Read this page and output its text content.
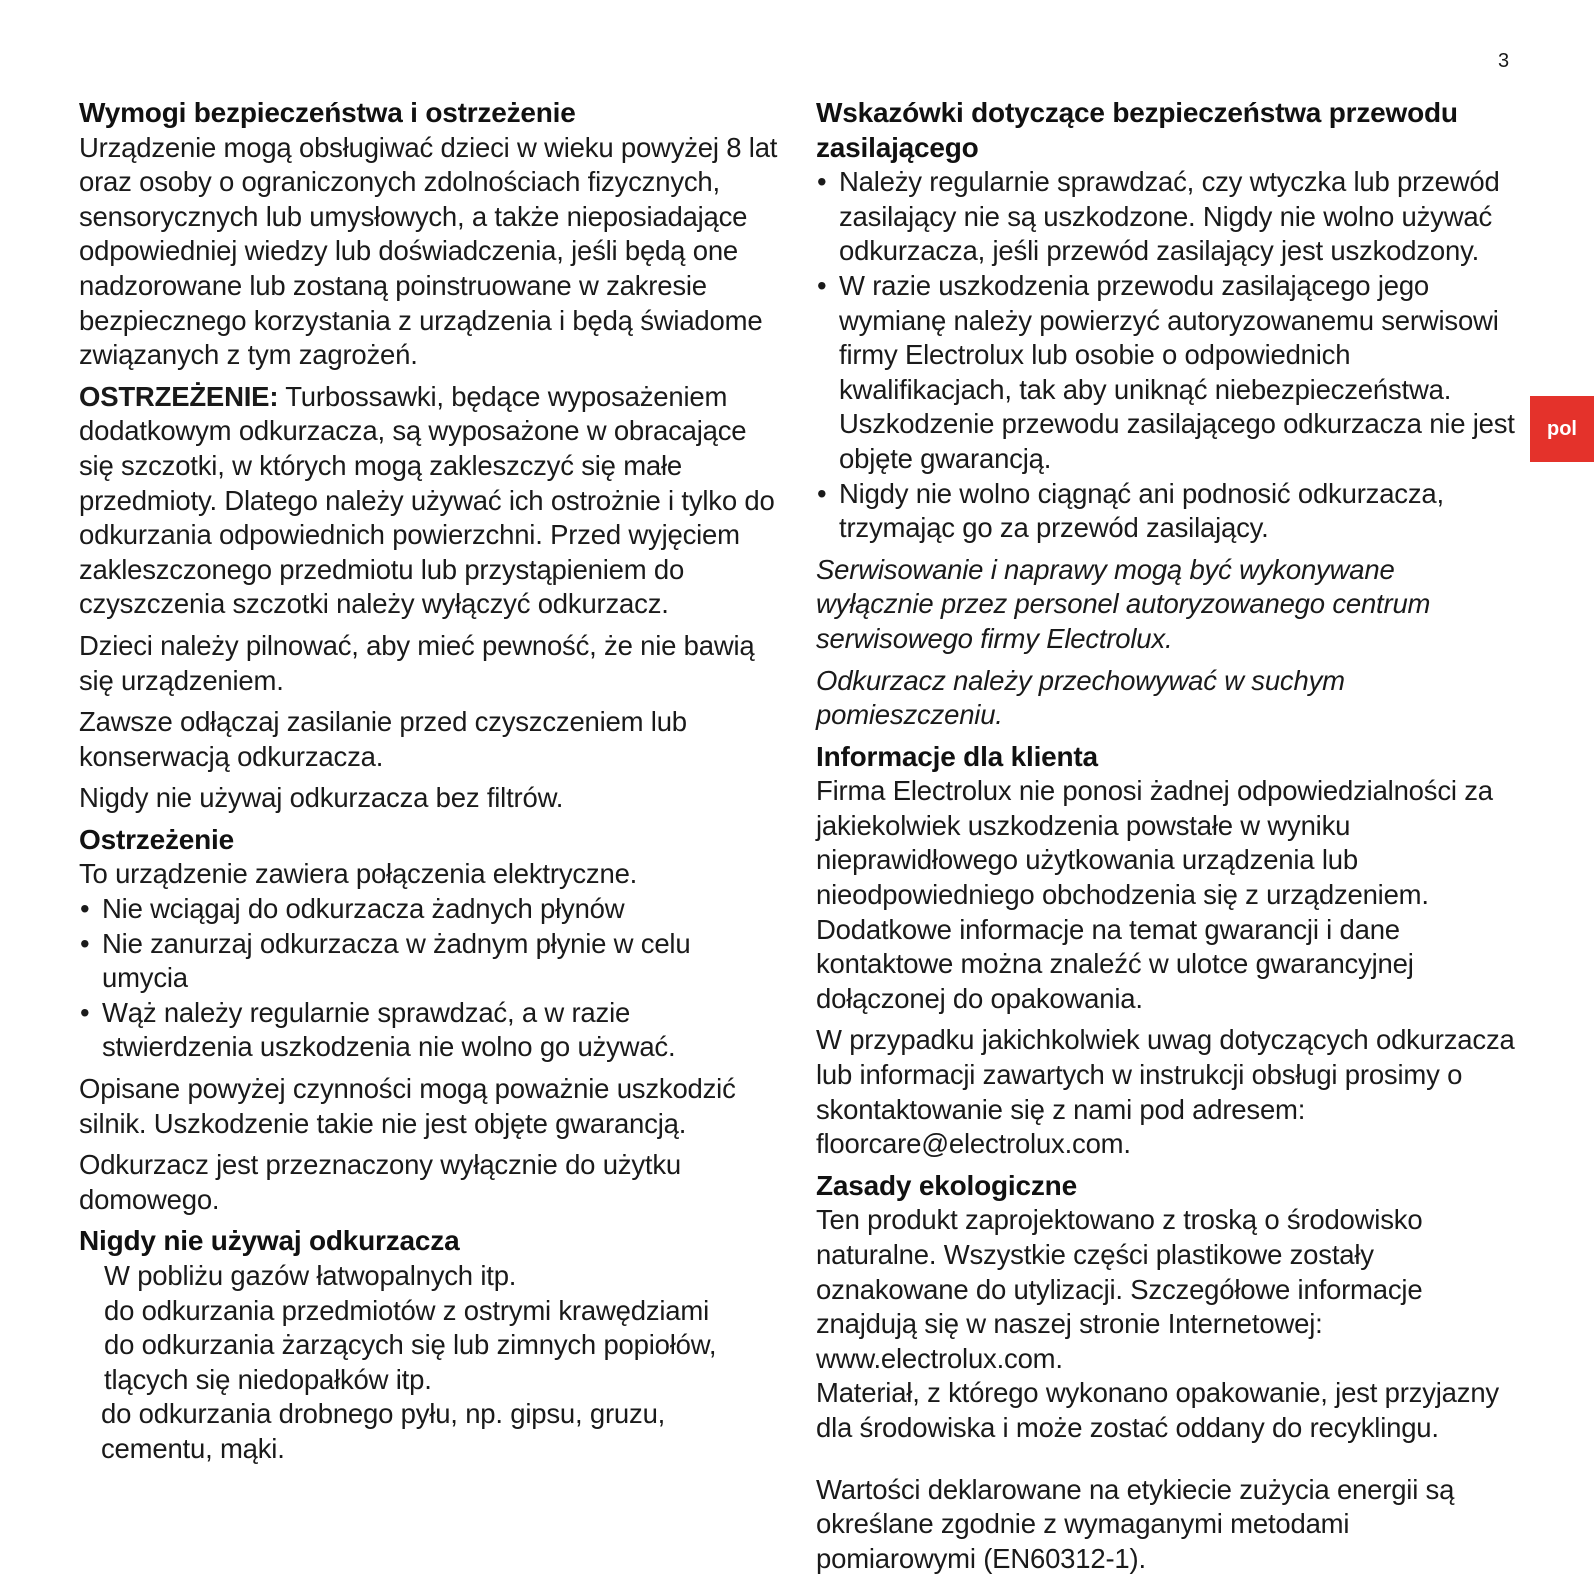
3
pol
Wymogi bezpieczeństwa i ostrzeżenie

Urządzenie mogą obsługiwać dzieci w wieku powyżej 8 lat oraz osoby o ograniczonych zdolnościach fizycznych, sensorycznych lub umysłowych, a także nieposiadające odpowiedniej wiedzy lub doświadczenia, jeśli będą one nadzorowane lub zostaną poinstruowane w zakresie bezpiecznego korzystania z urządzenia i będą świadome związanych z tym zagrożeń.

OSTRZEŻENIE: Turbossawki, będące wyposażeniem dodatkowym odkurzacza, są wyposażone w obracające się szczotki, w których mogą zakleszczyć się małe przedmioty. Dlatego należy używać ich ostrożnie i tylko do odkurzania odpowiednich powierzchni. Przed wyjęciem zakleszczonego przedmiotu lub przystąpieniem do czyszczenia szczotki należy wyłączyć odkurzacz.

Dzieci należy pilnować, aby mieć pewność, że nie bawią się urządzeniem.

Zawsze odłączaj zasilanie przed czyszczeniem lub konserwacją odkurzacza.

Nigdy nie używaj odkurzacza bez filtrów.

Ostrzeżenie

To urządzenie zawiera połączenia elektryczne.

• Nie wciągaj do odkurzacza żadnych płynów
• Nie zanurzaj odkurzacza w żadnym płynie w celu umycia
• Wąż należy regularnie sprawdzać, a w razie stwierdzenia uszkodzenia nie wolno go używać.

Opisane powyżej czynności mogą poważnie uszkodzić silnik. Uszkodzenie takie nie jest objęte gwarancją.

Odkurzacz jest przeznaczony wyłącznie do użytku domowego.

Nigdy nie używaj odkurzacza
W pobliżu gazów łatwopalnych itp.
do odkurzania przedmiotów z ostrymi krawędziami
do odkurzania żarzących się lub zimnych popiołów, tlących się niedopałków itp.
do odkurzania drobnego pyłu, np. gipsu, gruzu, cementu, mąki.
Wskazówki dotyczące bezpieczeństwa przewodu zasilającego
• Należy regularnie sprawdzać, czy wtyczka lub przewód zasilający nie są uszkodzone. Nigdy nie wolno używać odkurzacza, jeśli przewód zasilający jest uszkodzony.
• W razie uszkodzenia przewodu zasilającego jego wymianę należy powierzyć autoryzowanemu serwisowi firmy Electrolux lub osobie o odpowiednich kwalifikacjach, tak aby uniknąć niebezpieczeństwa. Uszkodzenie przewodu zasilającego odkurzacza nie jest objęte gwarancją.
• Nigdy nie wolno ciągnąć ani podnosić odkurzacza, trzymając go za przewód zasilający.

Serwisowanie i naprawy mogą być wykonywane wyłącznie przez personel autoryzowanego centrum serwisowego firmy Electrolux.

Odkurzacz należy przechowywać w suchym pomieszczeniu.

Informacje dla klienta

Firma Electrolux nie ponosi żadnej odpowiedzialności za jakiekolwiek uszkodzenia powstałe w wyniku nieprawidłowego użytkowania urządzenia lub nieodpowiedniego obchodzenia się z urządzeniem. Dodatkowe informacje na temat gwarancji i dane kontaktowe można znaleźć w ulotce gwarancyjnej dołączonej do opakowania.

W przypadku jakichkolwiek uwag dotyczących odkurzacza lub informacji zawartych w instrukcji obsługi prosimy o skontaktowanie się z nami pod adresem: floorcare@electrolux.com.

Zasady ekologiczne

Ten produkt zaprojektowano z troską o środowisko naturalne. Wszystkie części plastikowe zostały oznakowane do utylizacji. Szczegółowe informacje znajdują się w naszej stronie Internetowej: www.electrolux.com.

Materiał, z którego wykonano opakowanie, jest przyjazny dla środowiska i może zostać oddany do recyklingu.

Wartości deklarowane na etykiecie zużycia energii są określane zgodnie z wymaganymi metodami pomiarowymi (EN60312-1).
